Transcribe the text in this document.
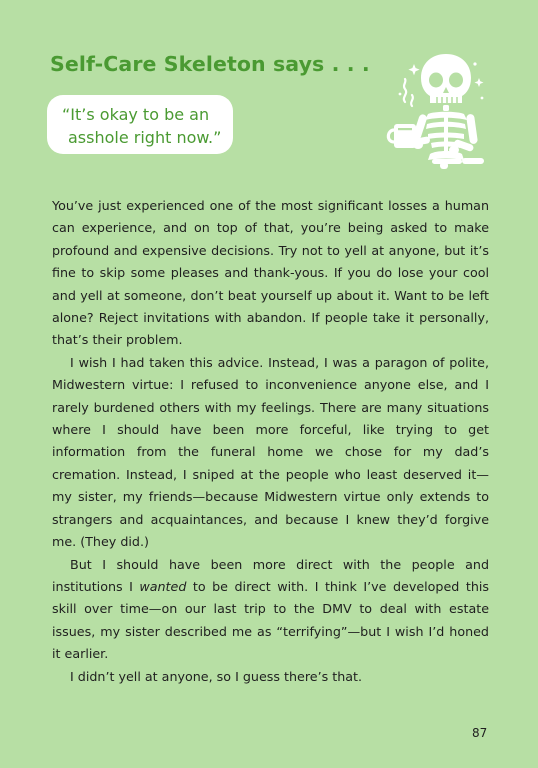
Self-Care Skeleton says . . .
“It’s okay to be an
asshole right now.”

You’ve just experienced one of the most significant losses a human can experience, and on top of that, you’re being asked to make profound and expensive decisions. Try not to yell at anyone, but it’s fine to skip some pleases and thank-yous. If you do lose your cool and yell at someone, don’t beat yourself up about it. Want to be left alone? Reject invitations with abandon. If people take it personally, that’s their problem.

I wish I had taken this advice. Instead, I was a paragon of polite, Midwestern virtue: I refused to inconvenience anyone else, and I rarely burdened others with my feelings. There are many situations where I should have been more forceful, like trying to get information from the funeral home we chose for my dad’s cremation. Instead, I sniped at the people who least deserved it—my sister, my friends—because Midwestern virtue only extends to strangers and acquaintances, and because I knew they’d forgive me. (They did.)

But I should have been more direct with the people and institutions I wanted to be direct with. I think I’ve developed this skill over time—on our last trip to the DMV to deal with estate issues, my sister described me as “terrifying”—but I wish I’d honed it earlier.

I didn’t yell at anyone, so I guess there’s that.

87
